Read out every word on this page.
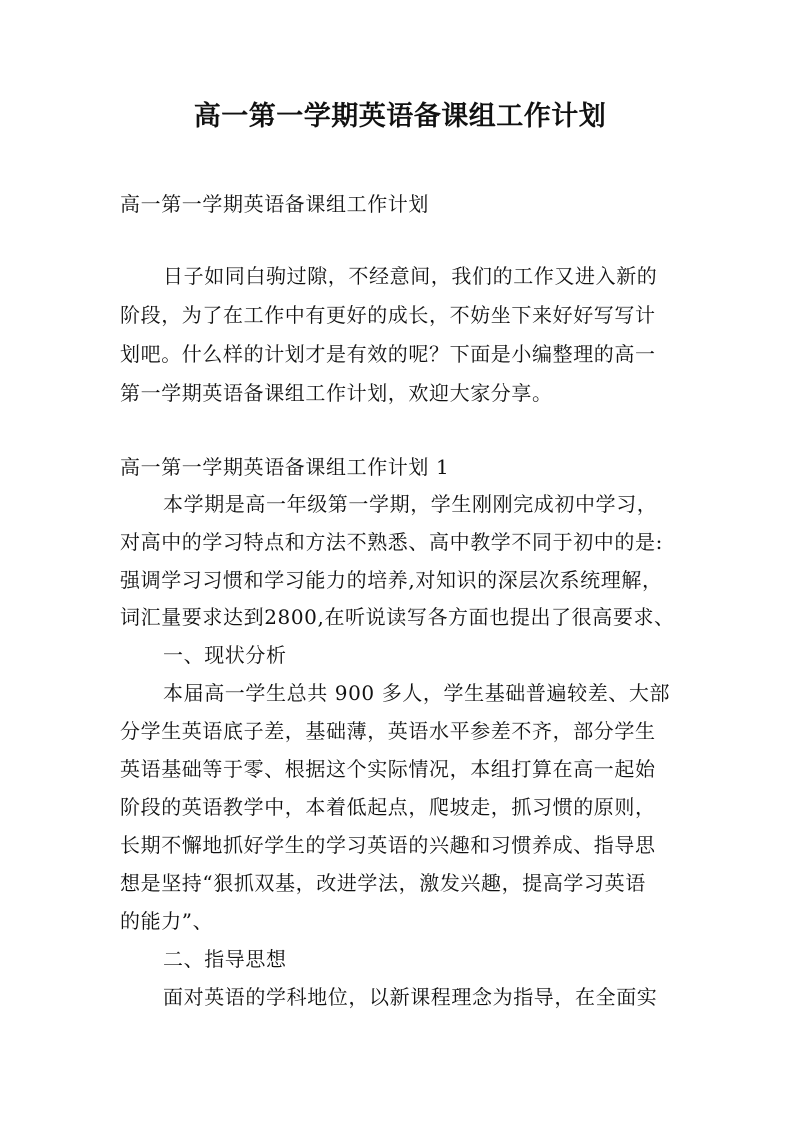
高一第一学期英语备课组工作计划
高一第一学期英语备课组工作计划
日子如同白驹过隙，不经意间，我们的工作又进入新的
阶段，为了在工作中有更好的成长，不妨坐下来好好写写计
划吧。什么样的计划才是有效的呢？下面是小编整理的高一
第一学期英语备课组工作计划，欢迎大家分享。
高一第一学期英语备课组工作计划 1
本学期是高一年级第一学期，学生刚刚完成初中学习，
对高中的学习特点和方法不熟悉、高中教学不同于初中的是:
强调学习习惯和学习能力的培养,对知识的深层次系统理解，
词汇量要求达到2800,在听说读写各方面也提出了很高要求、
一、现状分析
本届高一学生总共 900 多人，学生基础普遍较差、大部
分学生英语底子差，基础薄，英语水平参差不齐，部分学生
英语基础等于零、根据这个实际情况，本组打算在高一起始
阶段的英语教学中，本着低起点，爬坡走，抓习惯的原则，
长期不懈地抓好学生的学习英语的兴趣和习惯养成、指导思
想是坚持“狠抓双基，改进学法，激发兴趣，提高学习英语
的能力”、
二、指导思想
面对英语的学科地位，以新课程理念为指导，在全面实
